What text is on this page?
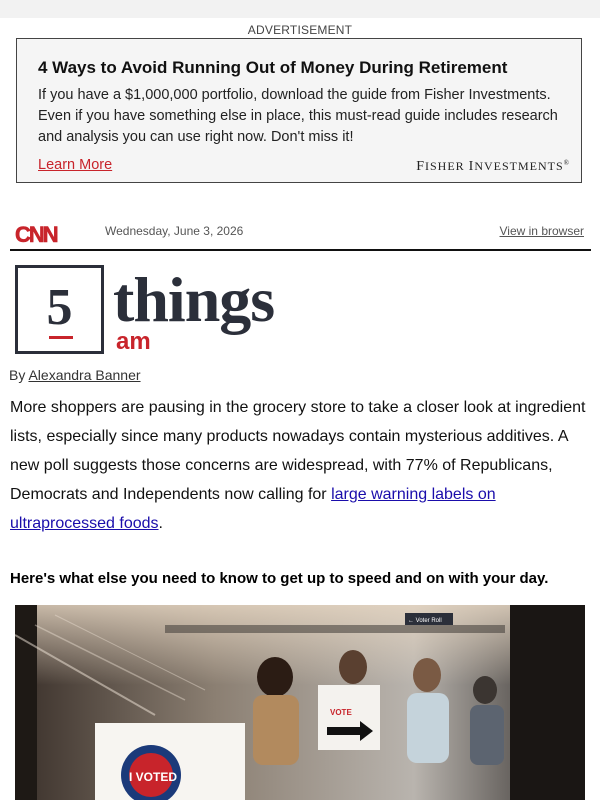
ADVERTISEMENT
4 Ways to Avoid Running Out of Money During Retirement
If you have a $1,000,000 portfolio, download the guide from Fisher Investments. Even if you have something else in place, this must-read guide includes research and analysis you can use right now. Don't miss it!
Learn More	FISHER INVESTMENTS®
CNN	Wednesday, June 3, 2026	View in browser
5 things
am
By Alexandra Banner
More shoppers are pausing in the grocery store to take a closer look at ingredient lists, especially since many products nowadays contain mysterious additives. A new poll suggests those concerns are widespread, with 77% of Republicans, Democrats and Independents now calling for large warning labels on ultraprocessed foods.
Here's what else you need to know to get up to speed and on with your day.
← Voter Roll
VOTE
I VOTED
